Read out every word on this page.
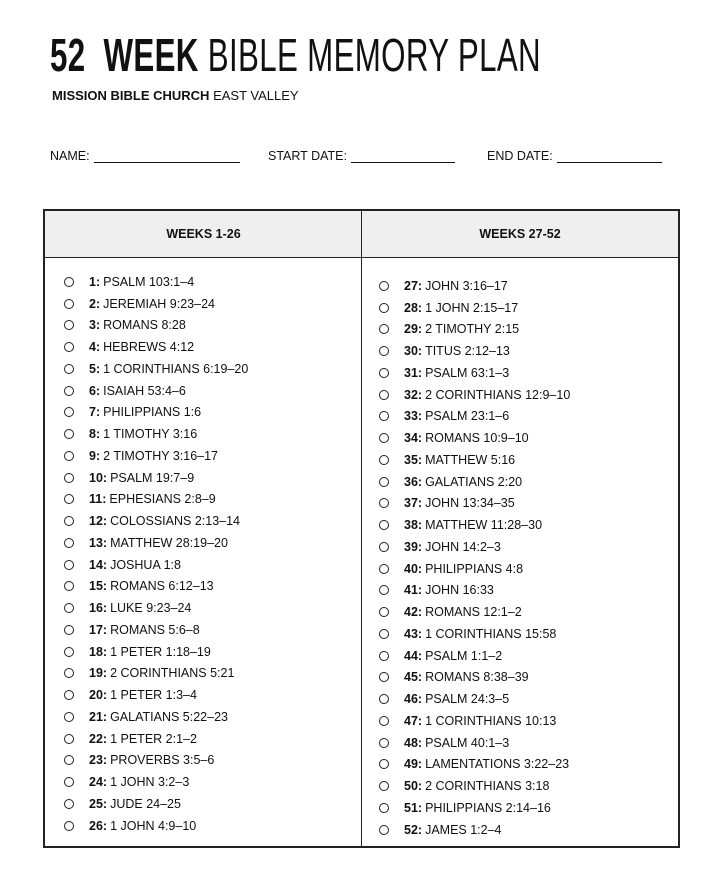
52 WEEK BIBLE MEMORY PLAN
MISSION BIBLE CHURCH EAST VALLEY
NAME:	START DATE:	END DATE:
WEEKS 1-26	WEEKS 27-52
1: PSALM 103:1–4
2: JEREMIAH 9:23–24
3: ROMANS 8:28
4: HEBREWS 4:12
5: 1 CORINTHIANS 6:19–20
6: ISAIAH 53:4–6
7: PHILIPPIANS 1:6
8: 1 TIMOTHY 3:16
9: 2 TIMOTHY 3:16–17
10: PSALM 19:7–9
11: EPHESIANS 2:8–9
12: COLOSSIANS 2:13–14
13: MATTHEW 28:19–20
14: JOSHUA 1:8
15: ROMANS 6:12–13
16: LUKE 9:23–24
17: ROMANS 5:6–8
18: 1 PETER 1:18–19
19: 2 CORINTHIANS 5:21
20: 1 PETER 1:3–4
21: GALATIANS 5:22–23
22: 1 PETER 2:1–2
23: PROVERBS 3:5–6
24: 1 JOHN 3:2–3
25: JUDE 24–25
26: 1 JOHN 4:9–10
27: JOHN 3:16–17
28: 1 JOHN 2:15–17
29: 2 TIMOTHY 2:15
30: TITUS 2:12–13
31: PSALM 63:1–3
32: 2 CORINTHIANS 12:9–10
33: PSALM 23:1–6
34: ROMANS 10:9–10
35: MATTHEW 5:16
36: GALATIANS 2:20
37: JOHN 13:34–35
38: MATTHEW 11:28–30
39: JOHN 14:2–3
40: PHILIPPIANS 4:8
41: JOHN 16:33
42: ROMANS 12:1–2
43: 1 CORINTHIANS 15:58
44: PSALM 1:1–2
45: ROMANS 8:38–39
46: PSALM 24:3–5
47: 1 CORINTHIANS 10:13
48: PSALM 40:1–3
49: LAMENTATIONS 3:22–23
50: 2 CORINTHIANS 3:18
51: PHILIPPIANS 2:14–16
52: JAMES 1:2–4
